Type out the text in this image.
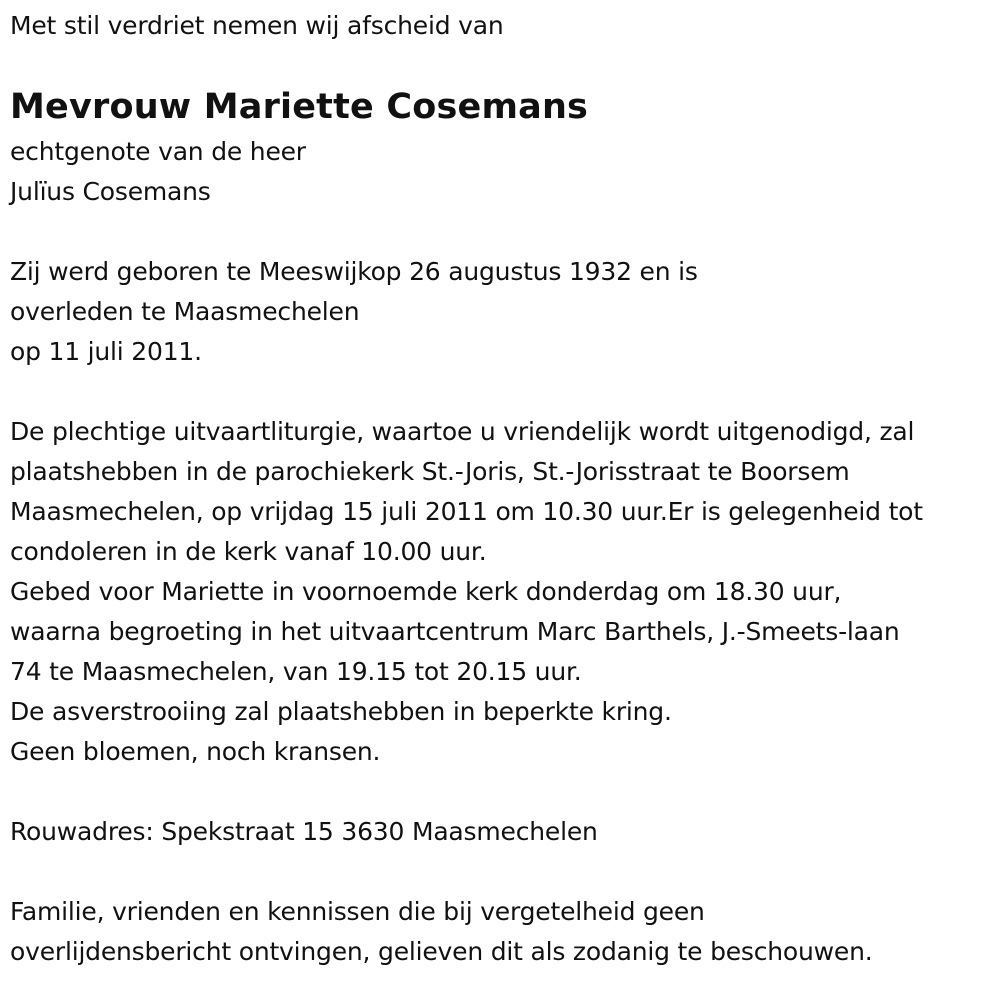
Met stil verdriet nemen wij afscheid van
Mevrouw Mariette Cosemans
echtgenote van de heer
Julïus Cosemans
Zij werd geboren te Meeswijkop 26 augustus 1932 en is
overleden te Maasmechelen
op 11 juli 2011.
De plechtige uitvaartliturgie, waartoe u vriendelijk wordt uitgenodigd, zal
plaatshebben in de parochiekerk St.-Joris, St.-Jorisstraat te Boorsem
Maasmechelen, op vrijdag 15 juli 2011 om 10.30 uur.Er is gelegenheid tot
condoleren in de kerk vanaf 10.00 uur.
Gebed voor Mariette in voornoemde kerk donderdag om 18.30 uur,
waarna begroeting in het uitvaartcentrum Marc Barthels, J.-Smeets-laan
74 te Maasmechelen, van 19.15 tot 20.15 uur.
De asverstrooiing zal plaatshebben in beperkte kring.
Geen bloemen, noch kransen.
Rouwadres: Spekstraat 15 3630 Maasmechelen
Familie, vrienden en kennissen die bij vergetelheid geen
overlijdensbericht ontvingen, gelieven dit als zodanig te beschouwen.
